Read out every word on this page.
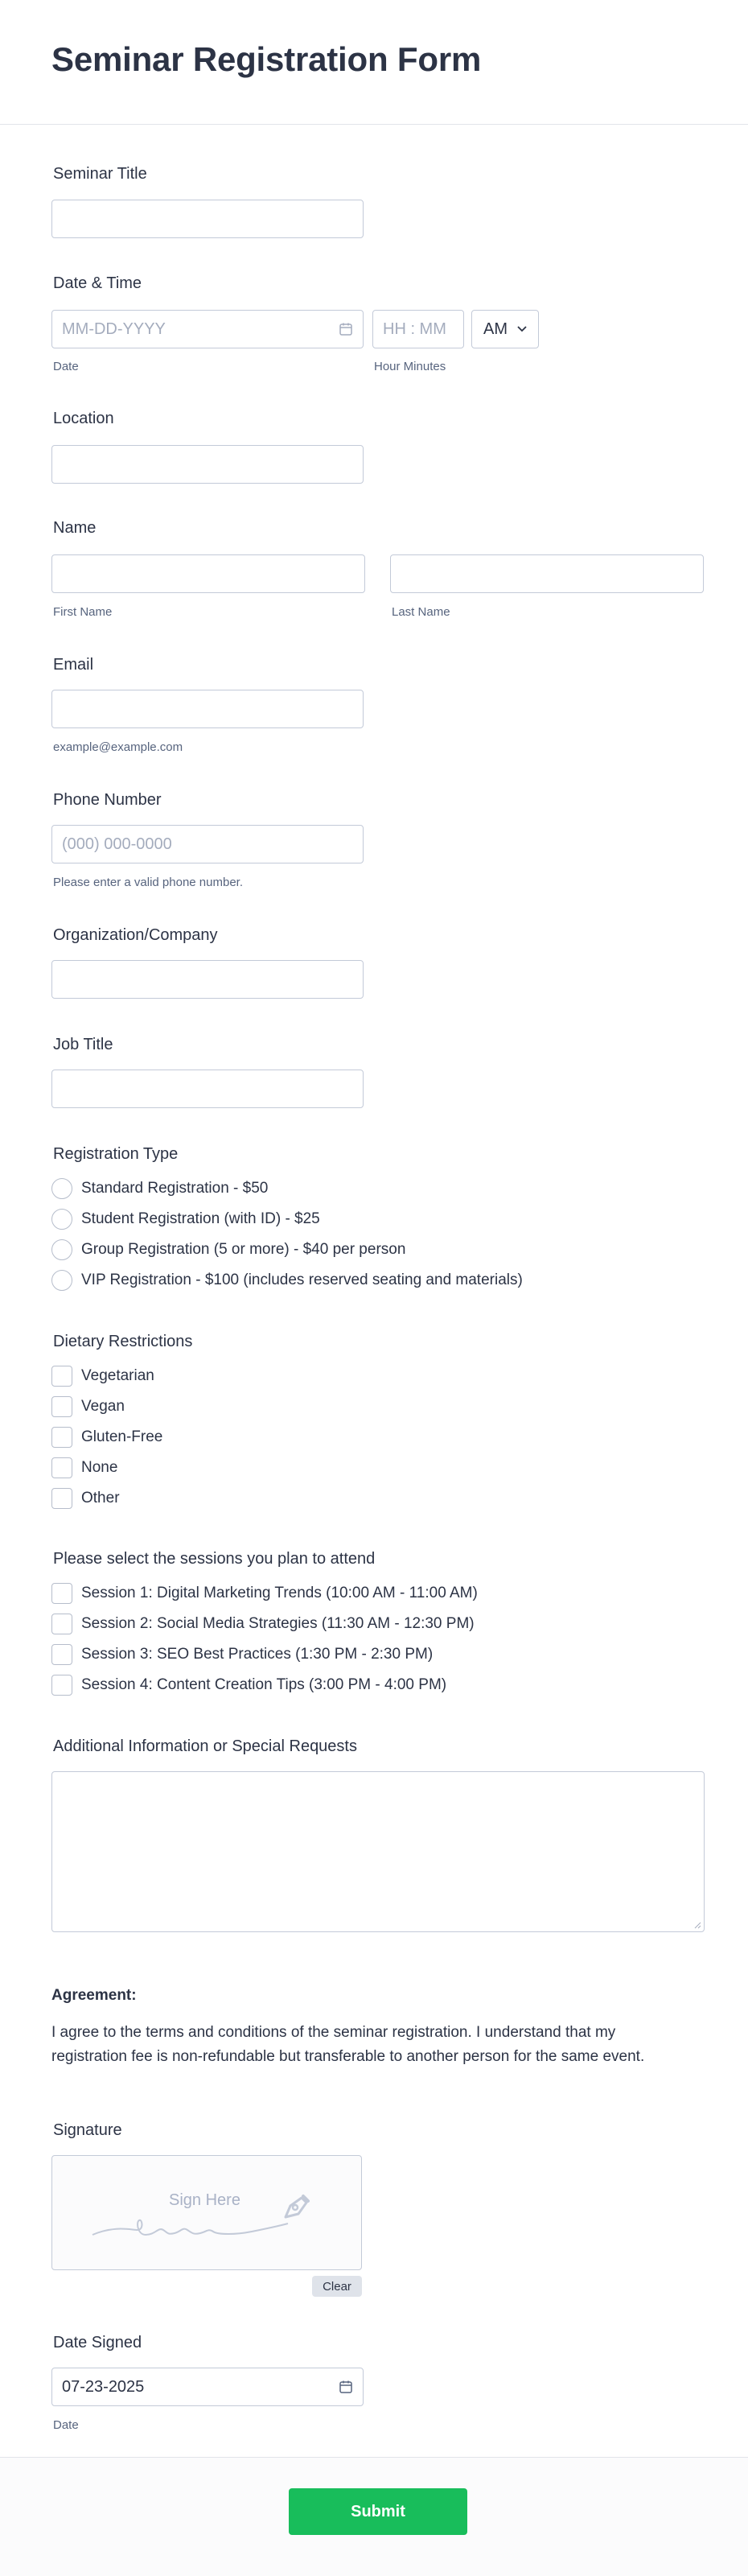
Seminar Registration Form
Seminar Title
Date & Time
MM-DD-YYYY
Date
HH : MM
Hour Minutes
AM
Location
Name
First Name	Last Name
Email
example@example.com
Phone Number
(000) 000-0000
Please enter a valid phone number.
Organization/Company
Job Title
Registration Type
Standard Registration - $50
Student Registration (with ID) - $25
Group Registration (5 or more) - $40 per person
VIP Registration - $100 (includes reserved seating and materials)
Dietary Restrictions
Vegetarian
Vegan
Gluten-Free
None
Other
Please select the sessions you plan to attend
Session 1: Digital Marketing Trends (10:00 AM - 11:00 AM)
Session 2: Social Media Strategies (11:30 AM - 12:30 PM)
Session 3: SEO Best Practices (1:30 PM - 2:30 PM)
Session 4: Content Creation Tips (3:00 PM - 4:00 PM)
Additional Information or Special Requests
Agreement:
I agree to the terms and conditions of the seminar registration. I understand that my registration fee is non-refundable but transferable to another person for the same event.
Signature
Sign Here
Clear
Date Signed
07-23-2025
Date
Submit
